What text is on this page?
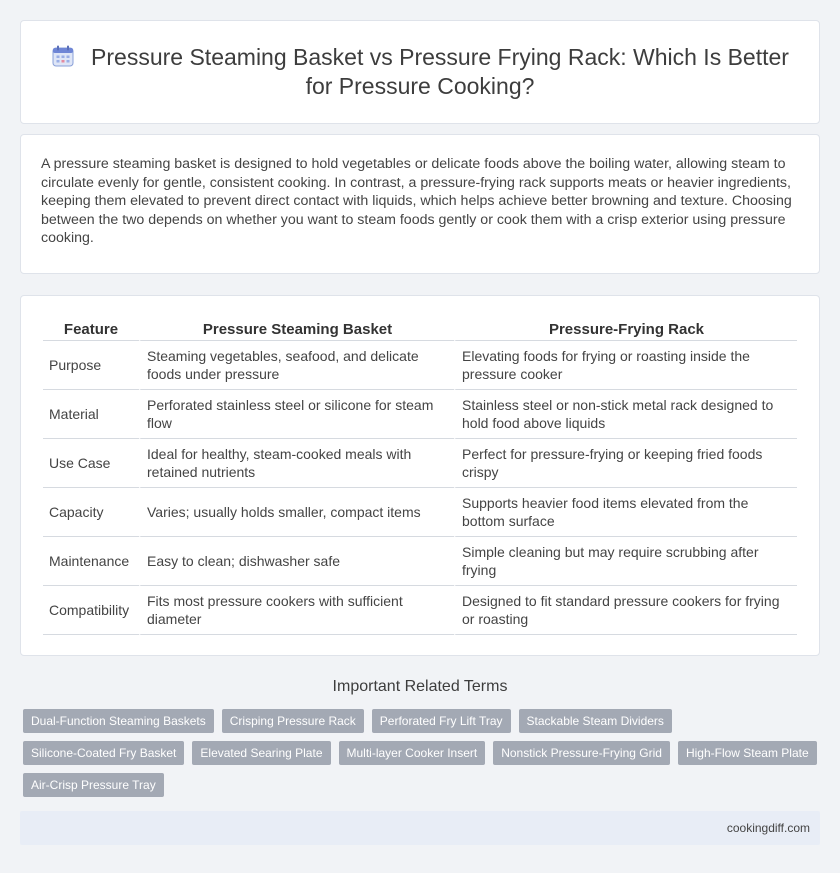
Pressure Steaming Basket vs Pressure Frying Rack: Which Is Better for Pressure Cooking?

A pressure steaming basket is designed to hold vegetables or delicate foods above the boiling water, allowing steam to circulate evenly for gentle, consistent cooking. In contrast, a pressure-frying rack supports meats or heavier ingredients, keeping them elevated to prevent direct contact with liquids, which helps achieve better browning and texture. Choosing between the two depends on whether you want to steam foods gently or cook them with a crisp exterior using pressure cooking.

Feature	Pressure Steaming Basket	Pressure-Frying Rack
Purpose	Steaming vegetables, seafood, and delicate foods under pressure	Elevating foods for frying or roasting inside the pressure cooker
Material	Perforated stainless steel or silicone for steam flow	Stainless steel or non-stick metal rack designed to hold food above liquids
Use Case	Ideal for healthy, steam-cooked meals with retained nutrients	Perfect for pressure-frying or keeping fried foods crispy
Capacity	Varies; usually holds smaller, compact items	Supports heavier food items elevated from the bottom surface
Maintenance	Easy to clean; dishwasher safe	Simple cleaning but may require scrubbing after frying
Compatibility	Fits most pressure cookers with sufficient diameter	Designed to fit standard pressure cookers for frying or roasting
Important Related Terms
Dual-Function Steaming Baskets	Crisping Pressure Rack	Perforated Fry Lift Tray	Stackable Steam Dividers
Silicone-Coated Fry Basket	Elevated Searing Plate	Multi-layer Cooker Insert	Nonstick Pressure-Frying Grid	High-Flow Steam Plate
Air-Crisp Pressure Tray
cookingdiff.com
